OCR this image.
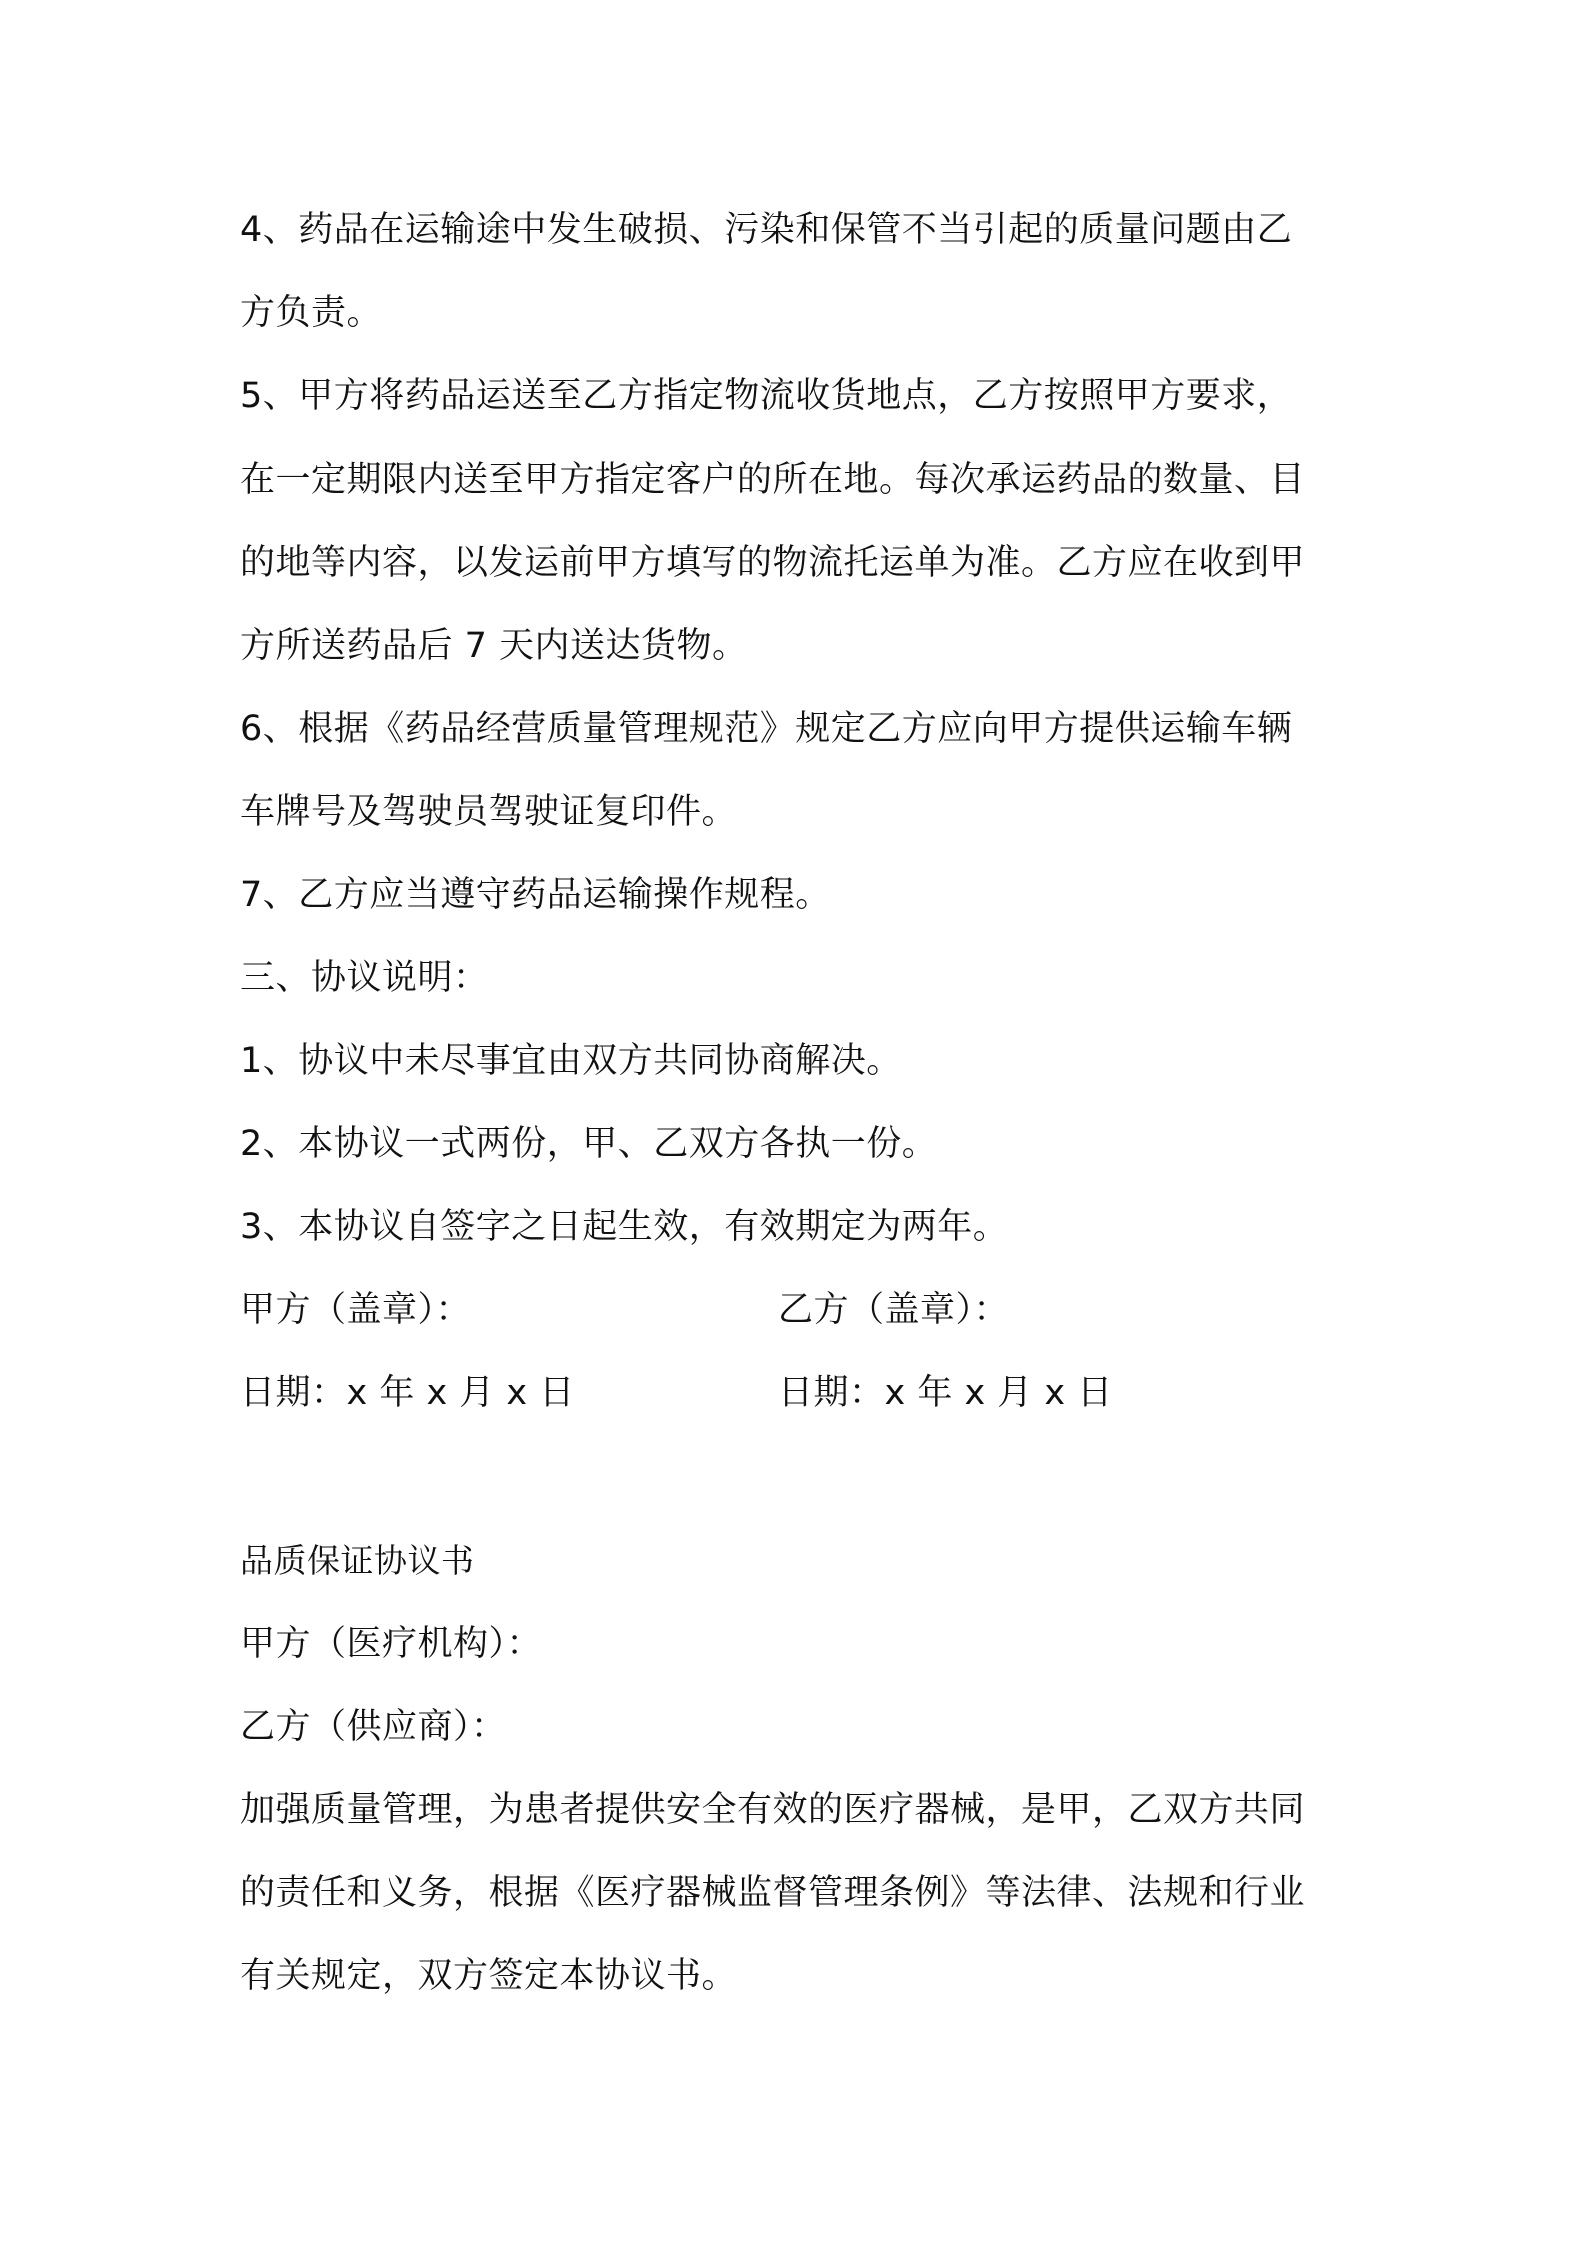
4、药品在运输途中发生破损、污染和保管不当引起的质量问题由乙

方负责。

5、甲方将药品运送至乙方指定物流收货地点，乙方按照甲方要求，

在一定期限内送至甲方指定客户的所在地。每次承运药品的数量、目

的地等内容，以发运前甲方填写的物流托运单为准。乙方应在收到甲

方所送药品后 7 天内送达货物。

6、根据《药品经营质量管理规范》规定乙方应向甲方提供运输车辆

车牌号及驾驶员驾驶证复印件。

7、乙方应当遵守药品运输操作规程。

三、协议说明：

1、协议中未尽事宜由双方共同协商解决。

2、本协议一式两份，甲、乙双方各执一份。

3、本协议自签字之日起生效，有效期定为两年。

甲方（盖章）：	乙方（盖章）：

日期：x 年 x 月 x 日	日期：x 年 x 月 x 日

品质保证协议书

甲方（医疗机构）：

乙方（供应商）：

加强质量管理，为患者提供安全有效的医疗器械，是甲，乙双方共同

的责任和义务，根据《医疗器械监督管理条例》等法律、法规和行业

有关规定，双方签定本协议书。
